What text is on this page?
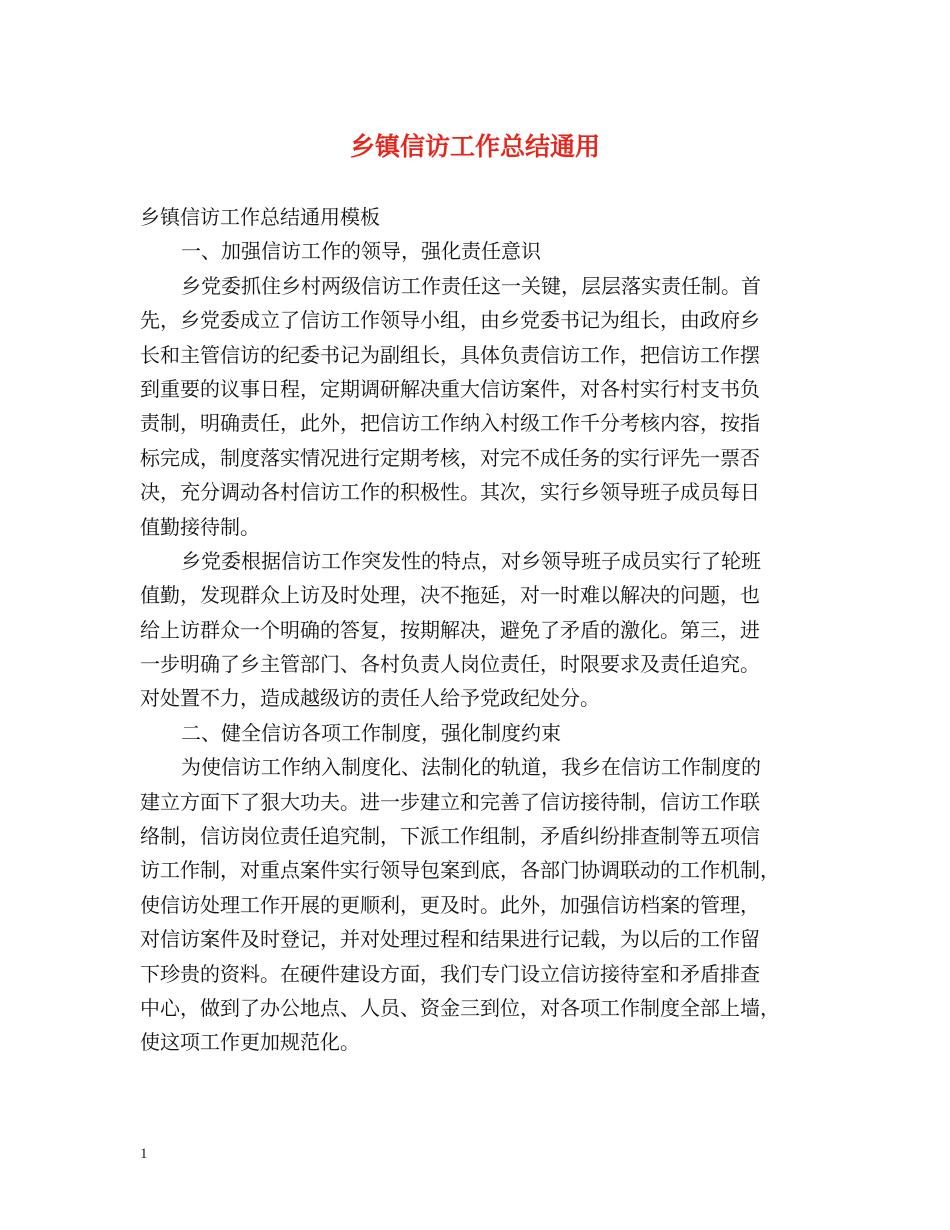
乡镇信访工作总结通用
乡镇信访工作总结通用模板
一、加强信访工作的领导，强化责任意识
乡党委抓住乡村两级信访工作责任这一关键，层层落实责任制。首
先，乡党委成立了信访工作领导小组，由乡党委书记为组长，由政府乡
长和主管信访的纪委书记为副组长，具体负责信访工作，把信访工作摆
到重要的议事日程，定期调研解决重大信访案件，对各村实行村支书负
责制，明确责任，此外，把信访工作纳入村级工作千分考核内容，按指
标完成，制度落实情况进行定期考核，对完不成任务的实行评先一票否
决，充分调动各村信访工作的积极性。其次，实行乡领导班子成员每日
值勤接待制。
乡党委根据信访工作突发性的特点，对乡领导班子成员实行了轮班
值勤，发现群众上访及时处理，决不拖延，对一时难以解决的问题，也
给上访群众一个明确的答复，按期解决，避免了矛盾的激化。第三，进
一步明确了乡主管部门、各村负责人岗位责任，时限要求及责任追究。
对处置不力，造成越级访的责任人给予党政纪处分。
二、健全信访各项工作制度，强化制度约束
为使信访工作纳入制度化、法制化的轨道，我乡在信访工作制度的
建立方面下了狠大功夫。进一步建立和完善了信访接待制，信访工作联
络制，信访岗位责任追究制，下派工作组制，矛盾纠纷排查制等五项信
访工作制，对重点案件实行领导包案到底，各部门协调联动的工作机制，
使信访处理工作开展的更顺利，更及时。此外，加强信访档案的管理，
对信访案件及时登记，并对处理过程和结果进行记载，为以后的工作留
下珍贵的资料。在硬件建设方面，我们专门设立信访接待室和矛盾排查
中心，做到了办公地点、人员、资金三到位，对各项工作制度全部上墙，
使这项工作更加规范化。
1
